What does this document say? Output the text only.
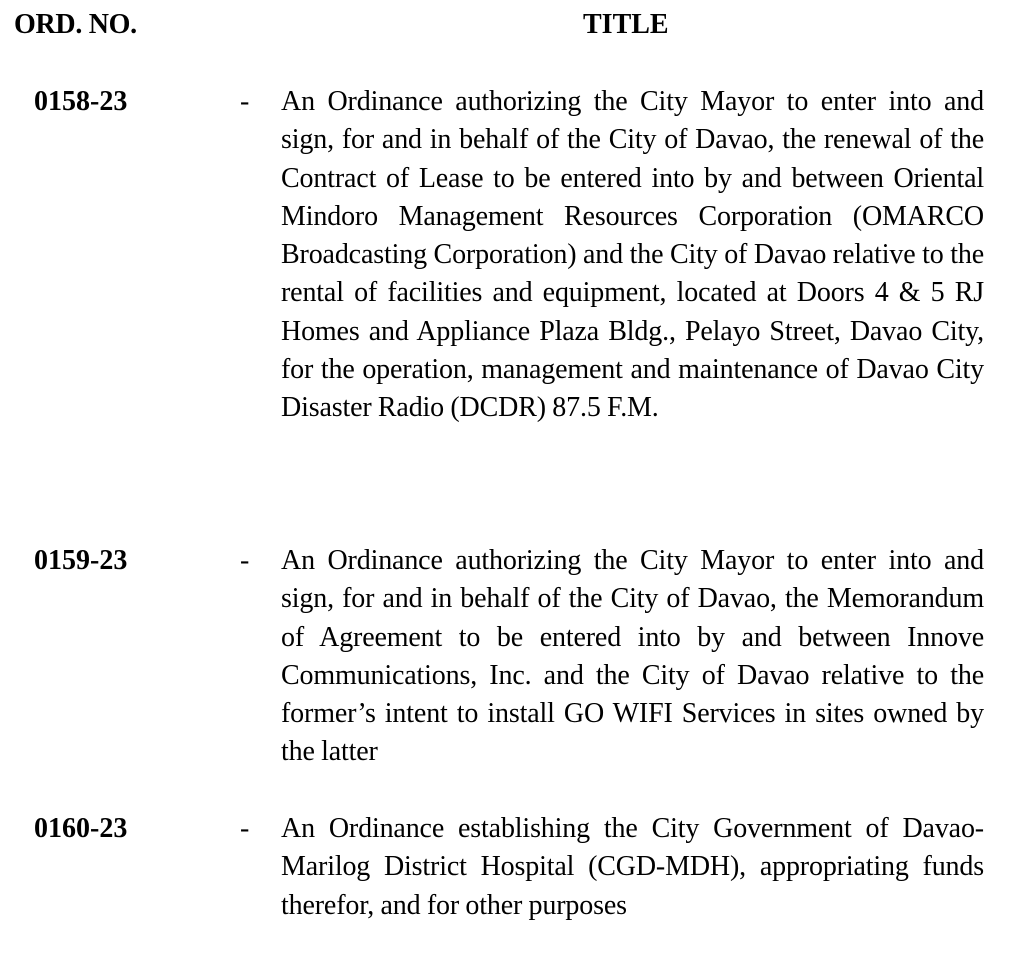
ORD. NO.	TITLE
0158-23	- An Ordinance authorizing the City Mayor to enter into and sign, for and in behalf of the City of Davao, the renewal of the Contract of Lease to be entered into by and between Oriental Mindoro Management Resources Corporation (OMARCO Broadcasting Corporation) and the City of Davao relative to the rental of facilities and equipment, located at Doors 4 & 5 RJ Homes and Appliance Plaza Bldg., Pelayo Street, Davao City, for the operation, management and maintenance of Davao City Disaster Radio (DCDR) 87.5 F.M.
0159-23	- An Ordinance authorizing the City Mayor to enter into and sign, for and in behalf of the City of Davao, the Memorandum of Agreement to be entered into by and between Innove Communications, Inc. and the City of Davao relative to the former’s intent to install GO WIFI Services in sites owned by the latter
0160-23	- An Ordinance establishing the City Government of Davao-Marilog District Hospital (CGD-MDH), appropriating funds therefor, and for other purposes
